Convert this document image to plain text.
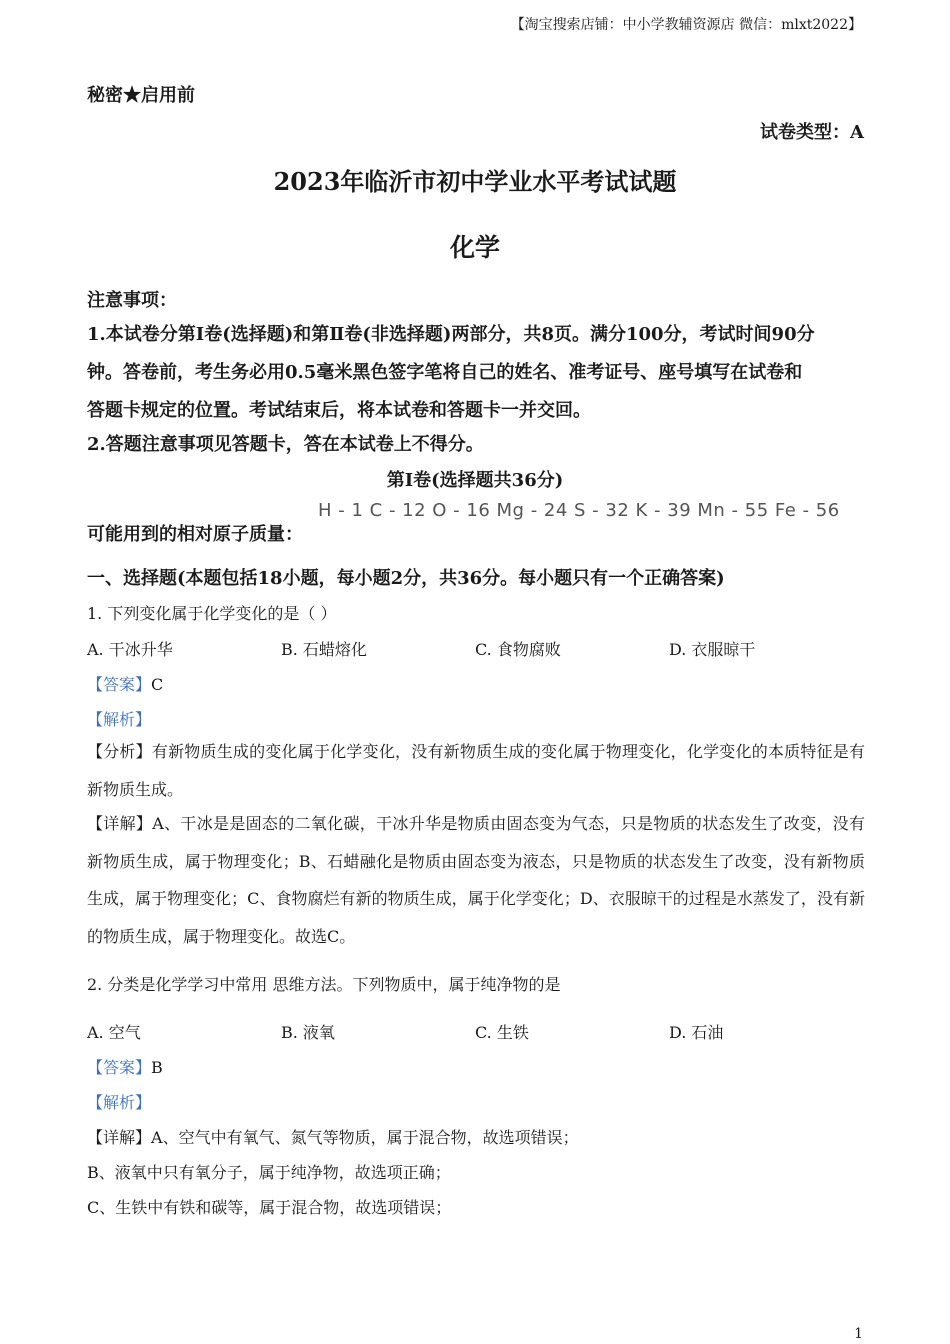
【淘宝搜索店铺：中小学教辅资源店 微信：mlxt2022】
秘密★启用前
试卷类型：A
2023年临沂市初中学业水平考试试题
化学
注意事项：
1.本试卷分第Ⅰ卷(选择题)和第Ⅱ卷(非选择题)两部分，共8页。满分100分，考试时间90分
钟。答卷前，考生务必用0.5毫米黑色签字笔将自己的姓名、准考证号、座号填写在试卷和
答题卡规定的位置。考试结束后，将本试卷和答题卡一并交回。
2.答题注意事项见答题卡，答在本试卷上不得分。
第Ⅰ卷(选择题共36分)
H - 1 C - 12 O - 16 Mg - 24 S - 32 K - 39 Mn - 55 Fe - 56
可能用到的相对原子质量：
一、选择题(本题包括18小题，每小题2分，共36分。每小题只有一个正确答案)
1. 下列变化属于化学变化的是（ ）
A. 干冰升华	B. 石蜡熔化	C. 食物腐败	D. 衣服晾干
【答案】C
【解析】
【分析】有新物质生成的变化属于化学变化，没有新物质生成的变化属于物理变化，化学变化的本质特征是有新物质生成。
【详解】A、干冰是是固态的二氧化碳，干冰升华是物质由固态变为气态，只是物质的状态发生了改变，没有新物质生成，属于物理变化；B、石蜡融化是物质由固态变为液态，只是物质的状态发生了改变，没有新物质生成，属于物理变化；C、食物腐烂有新的物质生成，属于化学变化；D、衣服晾干的过程是水蒸发了，没有新的物质生成，属于物理变化。故选C。
2. 分类是化学学习中常用 思维方法。下列物质中，属于纯净物的是
A. 空气	B. 液氧	C. 生铁	D. 石油
【答案】B
【解析】
【详解】A、空气中有氧气、氮气等物质，属于混合物，故选项错误；
B、液氧中只有氧分子，属于纯净物，故选项正确；
C、生铁中有铁和碳等，属于混合物，故选项错误；
1
